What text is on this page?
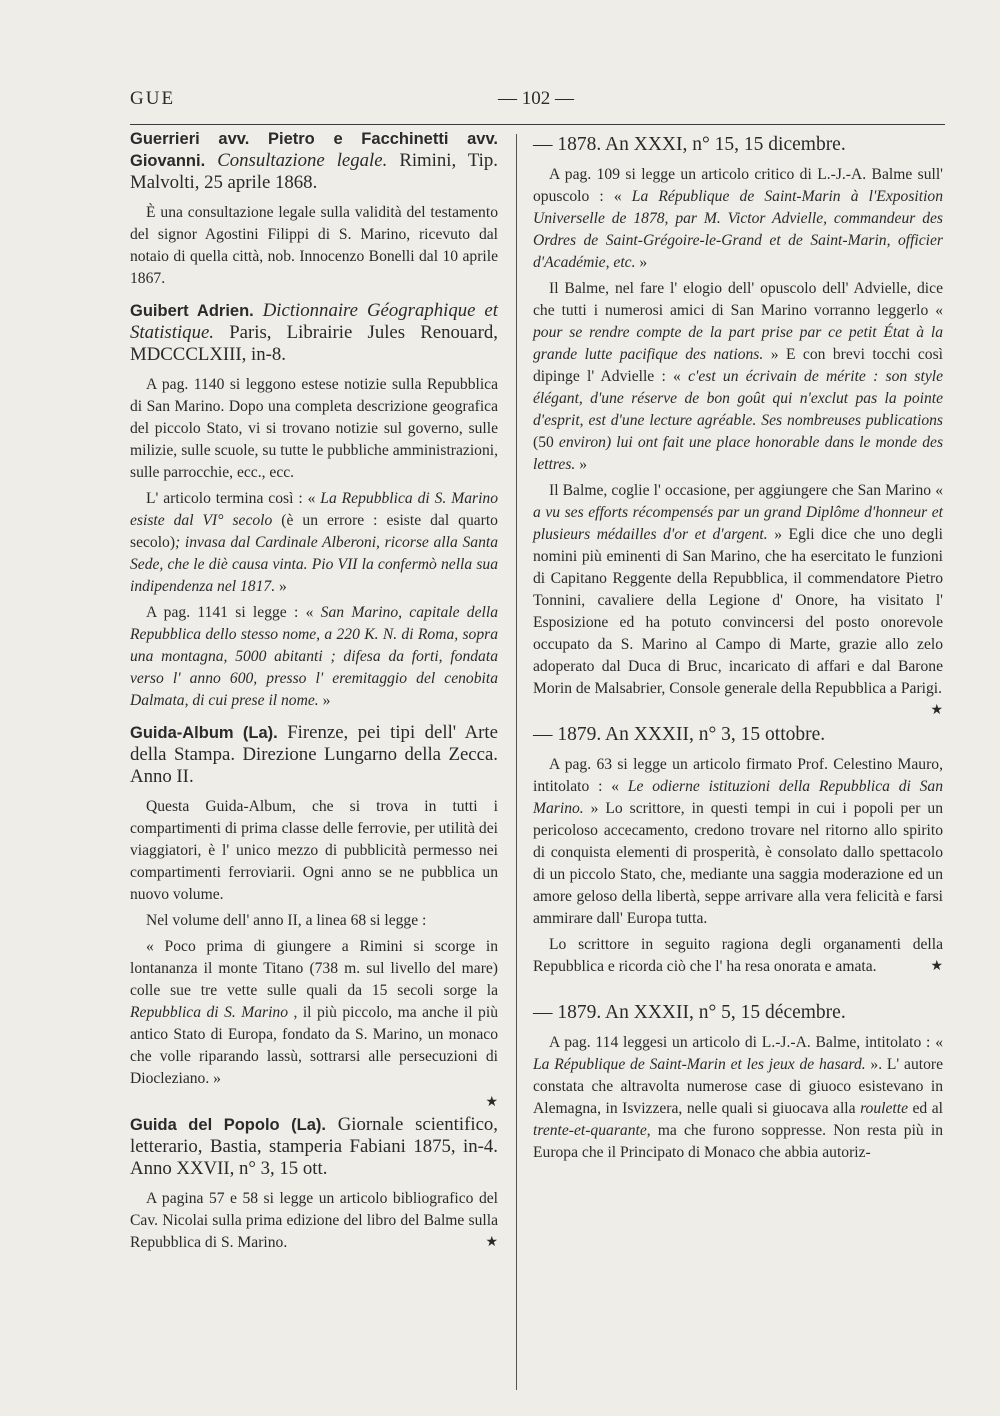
GUE	— 102 —
Guerrieri avv. Pietro e Facchinetti avv. Giovanni. Consultazione legale. Rimini, Tip. Malvolti, 25 aprile 1868.

È una consultazione legale sulla validità del testamento del signor Agostini Filippi di S. Marino, ricevuto dal notaio di quella città, nob. Innocenzo Bonelli dal 10 aprile 1867.

Guibert Adrien. Dictionnaire Géographique et Statistique. Paris, Librairie Jules Renouard, MDCCCLXIII, in-8.

A pag. 1140 si leggono estese notizie sulla Repubblica di San Marino. Dopo una completa descrizione geografica del piccolo Stato, vi si trovano notizie sul governo, sulle milizie, sulle scuole, su tutte le pubbliche amministrazioni, sulle parrocchie, ecc., ecc.

L' articolo termina così : « La Repubblica di S. Marino esiste dal VI° secolo (è un errore : esiste dal quarto secolo); invasa dal Cardinale Alberoni, ricorse alla Santa Sede, che le diè causa vinta. Pio VII la confermò nella sua indipendenza nel 1817. »

A pag. 1141 si legge : « San Marino, capitale della Repubblica dello stesso nome, a 220 K. N. di Roma, sopra una montagna, 5000 abitanti ; difesa da forti, fondata verso l' anno 600, presso l' eremitaggio del cenobita Dalmata, di cui prese il nome. »

Guida-Album (La). Firenze, pei tipi dell' Arte della Stampa. Direzione Lungarno della Zecca. Anno II.

Questa Guida-Album, che si trova in tutti i compartimenti di prima classe delle ferrovie, per utilità dei viaggiatori, è l' unico mezzo di pubblicità permesso nei compartimenti ferroviarii. Ogni anno se ne pubblica un nuovo volume.

Nel volume dell' anno II, a linea 68 si legge :

« Poco prima di giungere a Rimini si scorge in lontananza il monte Titano (738 m. sul livello del mare) colle sue tre vette sulle quali da 15 secoli sorge la Repubblica di S. Marino , il più piccolo, ma anche il più antico Stato di Europa, fondato da S. Marino, un monaco che volle riparando lassù, sottrarsi alle persecuzioni di Diocleziano. »

★
Guida del Popolo (La). Giornale scientifico, letterario, Bastia, stamperia Fabiani 1875, in-4. Anno XXVII, n° 3, 15 ott.

A pagina 57 e 58 si legge un articolo bibliografico del Cav. Nicolai sulla prima edizione del libro del Balme sulla Repubblica di S. Marino.	★

— 1878. An XXXI, n° 15, 15 dicembre.

A pag. 109 si legge un articolo critico di L.-J.-A. Balme sull' opuscolo : « La République de Saint-Marin à l'Exposition Universelle de 1878, par M. Victor Advielle, commandeur des Ordres de Saint-Grégoire-le-Grand et de Saint-Marin, officier d'Académie, etc. »

Il Balme, nel fare l' elogio dell' opuscolo dell' Advielle, dice che tutti i numerosi amici di San Marino vorranno leggerlo « pour se rendre compte de la part prise par ce petit État à la grande lutte pacifique des nations. » E con brevi tocchi così dipinge l' Advielle : « c'est un écrivain de mérite : son style élégant, d'une réserve de bon goût qui n'exclut pas la pointe d'esprit, est d'une lecture agréable. Ses nombreuses publications (50 environ) lui ont fait une place honorable dans le monde des lettres. »

Il Balme, coglie l' occasione, per aggiungere che San Marino « a vu ses efforts récompensés par un grand Diplôme d'honneur et plusieurs médailles d'or et d'argent. » Egli dice che uno degli nomini più eminenti di San Marino, che ha esercitato le funzioni di Capitano Reggente della Repubblica, il commendatore Pietro Tonnini, cavaliere della Legione d' Onore, ha visitato l' Esposizione ed ha potuto convincersi del posto onorevole occupato da S. Marino al Campo di Marte, grazie allo zelo adoperato dal Duca di Bruc, incaricato di affari e dal Barone Morin de Malsabrier, Console generale della Repubblica a Parigi.
★

— 1879. An XXXII, n° 3, 15 ottobre.

A pag. 63 si legge un articolo firmato Prof. Celestino Mauro, intitolato : « Le odierne istituzioni della Repubblica di San Marino. » Lo scrittore, in questi tempi in cui i popoli per un pericoloso accecamento, credono trovare nel ritorno allo spirito di conquista elementi di prosperità, è consolato dallo spettacolo di un piccolo Stato, che, mediante una saggia moderazione ed un amore geloso della libertà, seppe arrivare alla vera felicità e farsi ammirare dall' Europa tutta.

Lo scrittore in seguito ragiona degli organamenti della Repubblica e ricorda ciò che l' ha resa onorata e amata.	★

— 1879. An XXXII, n° 5, 15 décembre.

A pag. 114 leggesi un articolo di L.-J.-A. Balme, intitolato : « La République de Saint-Marin et les jeux de hasard. ». L' autore constata che altravolta numerose case di giuoco esistevano in Alemagna, in Isvizzera, nelle quali si giuocava alla roulette ed al trente-et-quarante, ma che furono soppresse. Non resta più in Europa che il Principato di Monaco che abbia autoriz-
